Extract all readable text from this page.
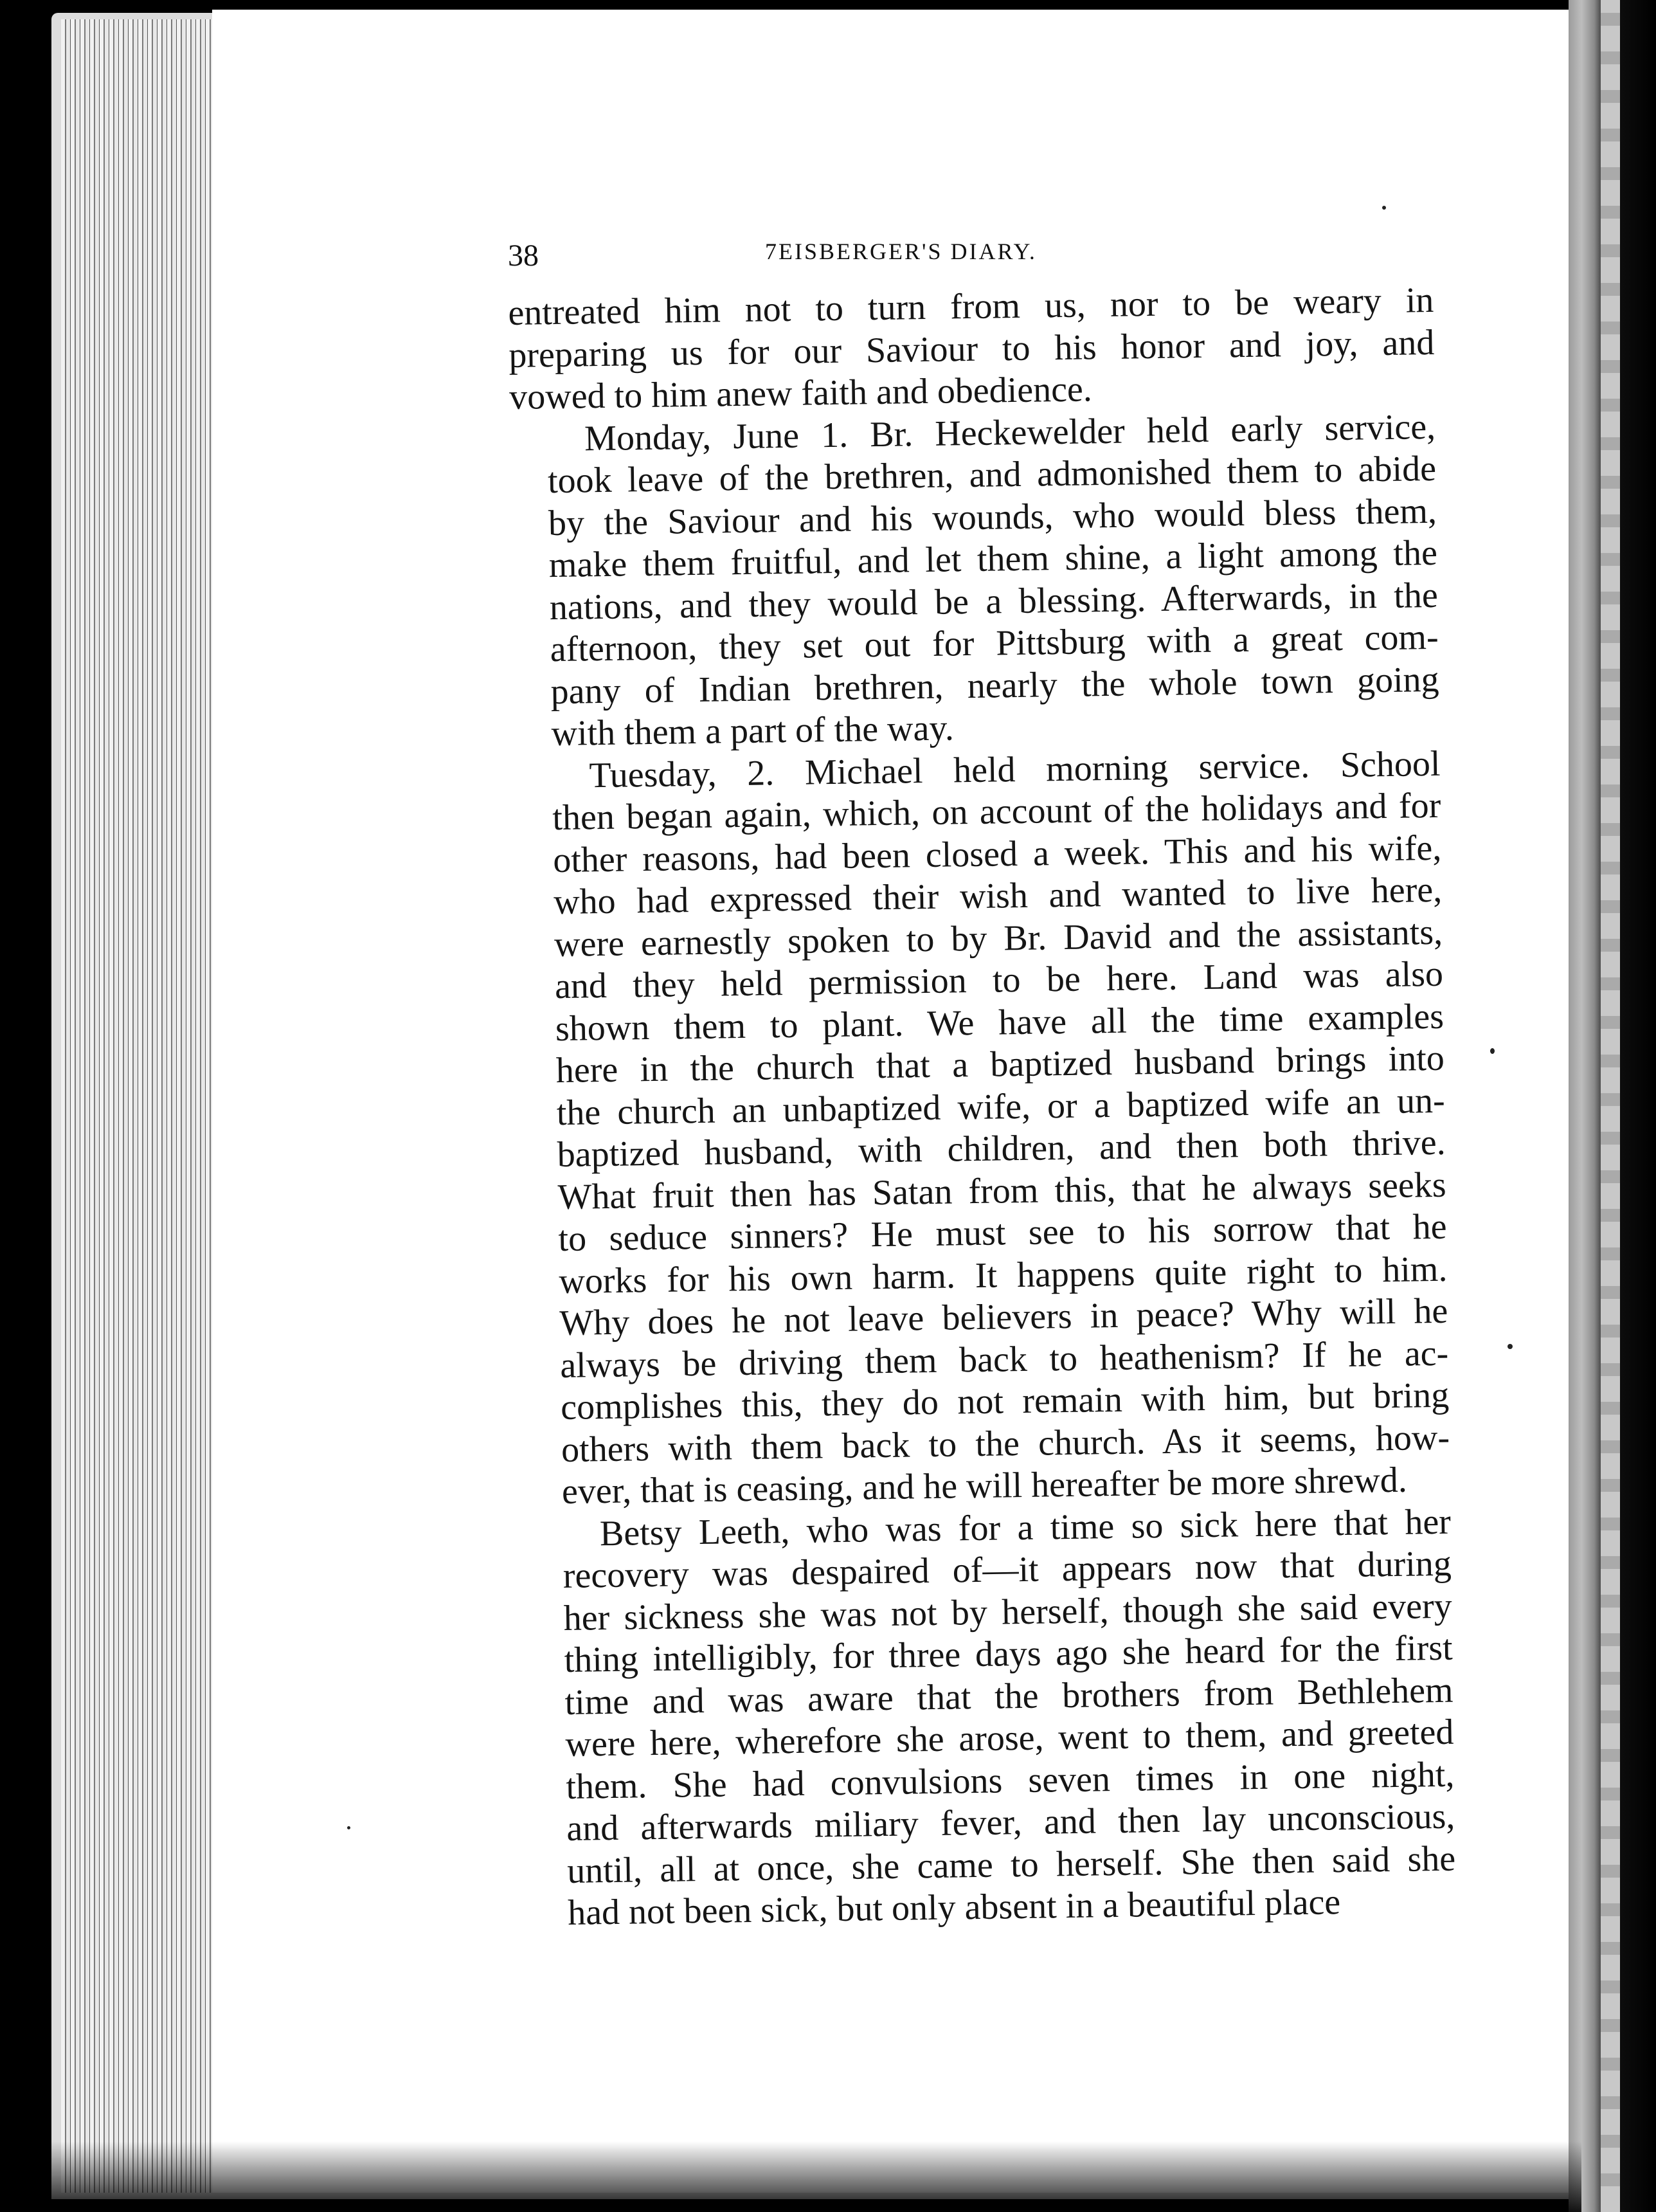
38	7EISBERGER'S DIARY.
entreated him not to turn from us, nor to be weary in
preparing us for our Saviour to his honor and joy, and
vowed to him anew faith and obedience.
Monday, June 1. Br. Heckewelder held early service,
took leave of the brethren, and admonished them to abide
by the Saviour and his wounds, who would bless them,
make them fruitful, and let them shine, a light among the
nations, and they would be a blessing. Afterwards, in the
afternoon, they set out for Pittsburg with a great com-
pany of Indian brethren, nearly the whole town going
with them a part of the way.
Tuesday, 2. Michael held morning service. School
then began again, which, on account of the holidays and for
other reasons, had been closed a week. This and his wife,
who had expressed their wish and wanted to live here,
were earnestly spoken to by Br. David and the assistants,
and they held permission to be here. Land was also
shown them to plant. We have all the time examples
here in the church that a baptized husband brings into
the church an unbaptized wife, or a baptized wife an un-
baptized husband, with children, and then both thrive.
What fruit then has Satan from this, that he always seeks
to seduce sinners? He must see to his sorrow that he
works for his own harm. It happens quite right to him.
Why does he not leave believers in peace? Why will he
always be driving them back to heathenism? If he ac-
complishes this, they do not remain with him, but bring
others with them back to the church. As it seems, how-
ever, that is ceasing, and he will hereafter be more shrewd.
Betsy Leeth, who was for a time so sick here that her
recovery was despaired of—it appears now that during
her sickness she was not by herself, though she said every
thing intelligibly, for three days ago she heard for the first
time and was aware that the brothers from Bethlehem
were here, wherefore she arose, went to them, and greeted
them. She had convulsions seven times in one night,
and afterwards miliary fever, and then lay unconscious,
until, all at once, she came to herself. She then said she
had not been sick, but only absent in a beautiful place
